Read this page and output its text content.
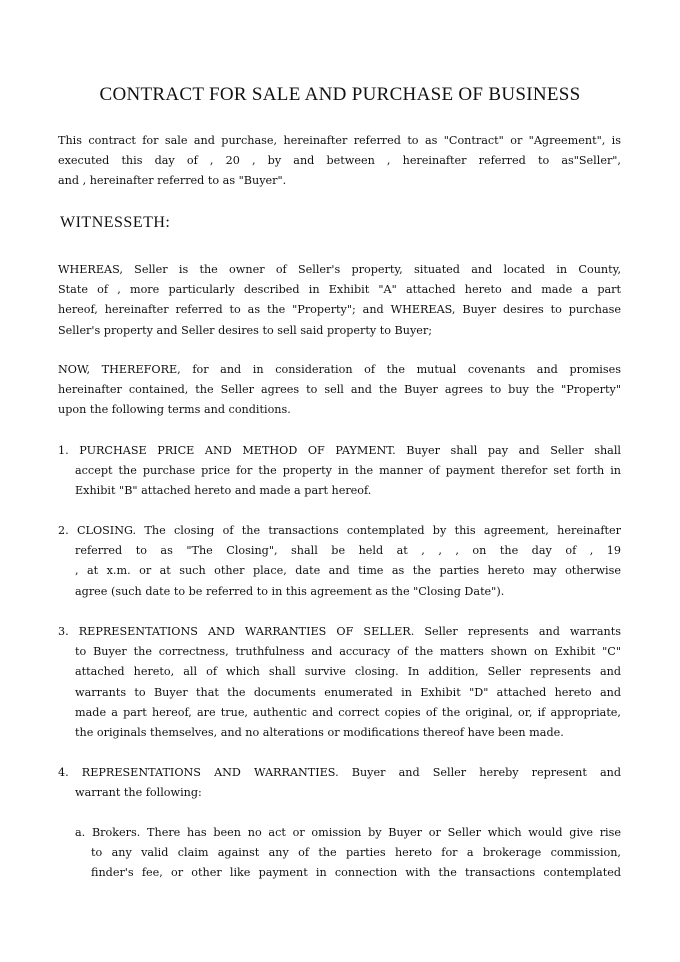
CONTRACT FOR SALE AND PURCHASE OF BUSINESS
WITNESSETH:
This contract for sale and purchase, hereinafter referred to as "Contract" or "Agreement", is
executed this day of , 20 , by and between , hereinafter referred to as"Seller",
and , hereinafter referred to as "Buyer".
WHEREAS, Seller is the owner of Seller's property, situated and located in County,
State of , more particularly described in Exhibit "A" attached hereto and made a part
hereof, hereinafter referred to as the "Property"; and WHEREAS, Buyer desires to purchase
Seller's property and Seller desires to sell said property to Buyer;
NOW, THEREFORE, for and in consideration of the mutual covenants and promises
hereinafter contained, the Seller agrees to sell and the Buyer agrees to buy the "Property"
upon the following terms and conditions.
1. PURCHASE PRICE AND METHOD OF PAYMENT. Buyer shall pay and Seller shall
accept the purchase price for the property in the manner of payment therefor set forth in
Exhibit "B" attached hereto and made a part hereof.
2. CLOSING. The closing of the transactions contemplated by this agreement, hereinafter
referred to as "The Closing", shall be held at , , , on the day of , 19
, at x.m. or at such other place, date and time as the parties hereto may otherwise
agree (such date to be referred to in this agreement as the "Closing Date").
3. REPRESENTATIONS AND WARRANTIES OF SELLER. Seller represents and warrants
to Buyer the correctness, truthfulness and accuracy of the matters shown on Exhibit "C"
attached hereto, all of which shall survive closing. In addition, Seller represents and
warrants to Buyer that the documents enumerated in Exhibit "D" attached hereto and
made a part hereof, are true, authentic and correct copies of the original, or, if appropriate,
the originals themselves, and no alterations or modifications thereof have been made.
4. REPRESENTATIONS AND WARRANTIES. Buyer and Seller hereby represent and
warrant the following:
a. Brokers. There has been no act or omission by Buyer or Seller which would give rise
to any valid claim against any of the parties hereto for a brokerage commission,
finder's fee, or other like payment in connection with the transactions contemplated
